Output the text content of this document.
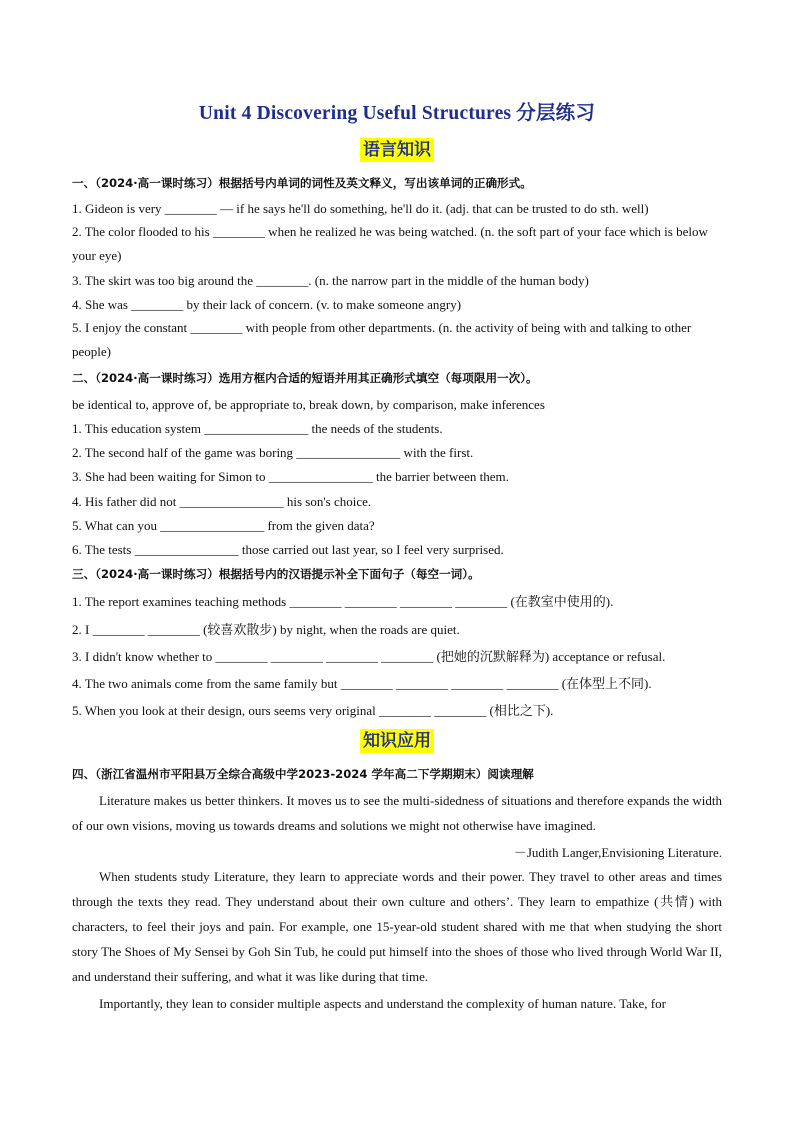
Unit 4 Discovering Useful Structures 分层练习
语言知识
一、（2024·高一课时练习）根据括号内单词的词性及英文释义，写出该单词的正确形式。
1. Gideon is very ________ — if he says he'll do something, he'll do it. (adj. that can be trusted to do sth. well)
2. The color flooded to his ________ when he realized he was being watched. (n. the soft part of your face which is below your eye)
3. The skirt was too big around the ________. (n. the narrow part in the middle of the human body)
4. She was ________ by their lack of concern. (v. to make someone angry)
5. I enjoy the constant ________ with people from other departments. (n. the activity of being with and talking to other people)
二、（2024·高一课时练习）选用方框内合适的短语并用其正确形式填空（每项限用一次）。
be identical to, approve of, be appropriate to, break down, by comparison, make inferences
1. This education system ________________ the needs of the students.
2. The second half of the game was boring ________________ with the first.
3. She had been waiting for Simon to ________________ the barrier between them.
4. His father did not ________________ his son's choice.
5. What can you ________________ from the given data?
6. The tests ________________ those carried out last year, so I feel very surprised.
三、（2024·高一课时练习）根据括号内的汉语提示补全下面句子（每空一词）。
1. The report examines teaching methods ________ ________ ________ ________ (在教室中使用的).
2. I ________ ________ (较喜欢散步) by night, when the roads are quiet.
3. I didn't know whether to ________ ________ ________ ________ (把她的沉默解释为) acceptance or refusal.
4. The two animals come from the same family but ________ ________ ________ ________ (在体型上不同).
5. When you look at their design, ours seems very original ________ ________ (相比之下).
知识应用
四、（浙江省温州市平阳县万全综合高级中学2023-2024 学年高二下学期期末）阅读理解
Literature makes us better thinkers. It moves us to see the multi-sidedness of situations and therefore expands the width of our own visions, moving us towards dreams and solutions we might not otherwise have imagined.
－Judith Langer,Envisioning Literature.
When students study Literature, they learn to appreciate words and their power. They travel to other areas and times through the texts they read. They understand about their own culture and others’. They learn to empathize (共情) with characters, to feel their joys and pain. For example, one 15-year-old student shared with me that when studying the short story The Shoes of My Sensei by Goh Sin Tub, he could put himself into the shoes of those who lived through World War II, and understand their suffering, and what it was like during that time.
Importantly, they lean to consider multiple aspects and understand the complexity of human nature. Take, for
